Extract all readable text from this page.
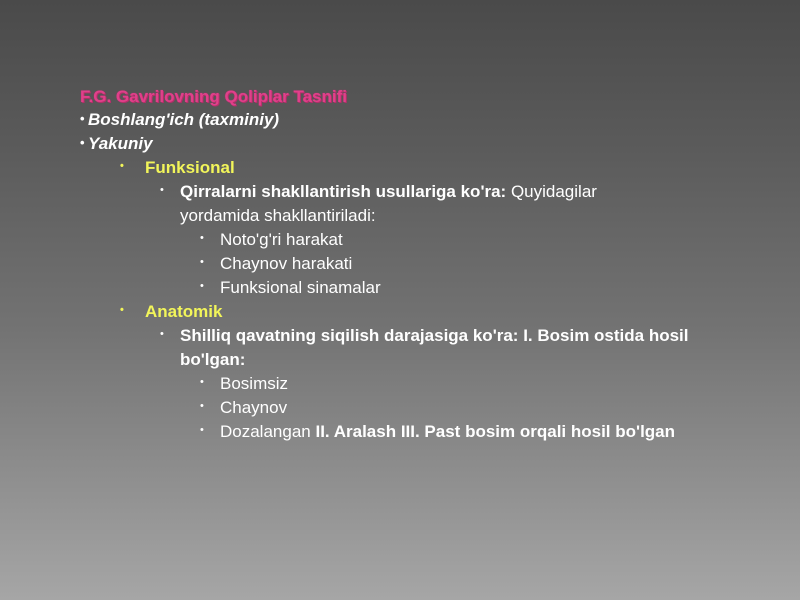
F.G. Gavrilovning Qoliplar Tasnifi
• Boshlang'ich (taxminiy)
• Yakuniy
• Funksional
• Qirralarni shakllantirish usullariga ko'ra: Quyidagilar yordamida shakllantiriladi:
• Noto'g'ri harakat
• Chaynov harakati
• Funksional sinamalar
• Anatomik
• Shilliq qavatning siqilish darajasiga ko'ra: I. Bosim ostida hosil bo'lgan:
• Bosimsiz
• Chaynov
• Dozalangan II. Aralash III. Past bosim orqali hosil bo'lgan
